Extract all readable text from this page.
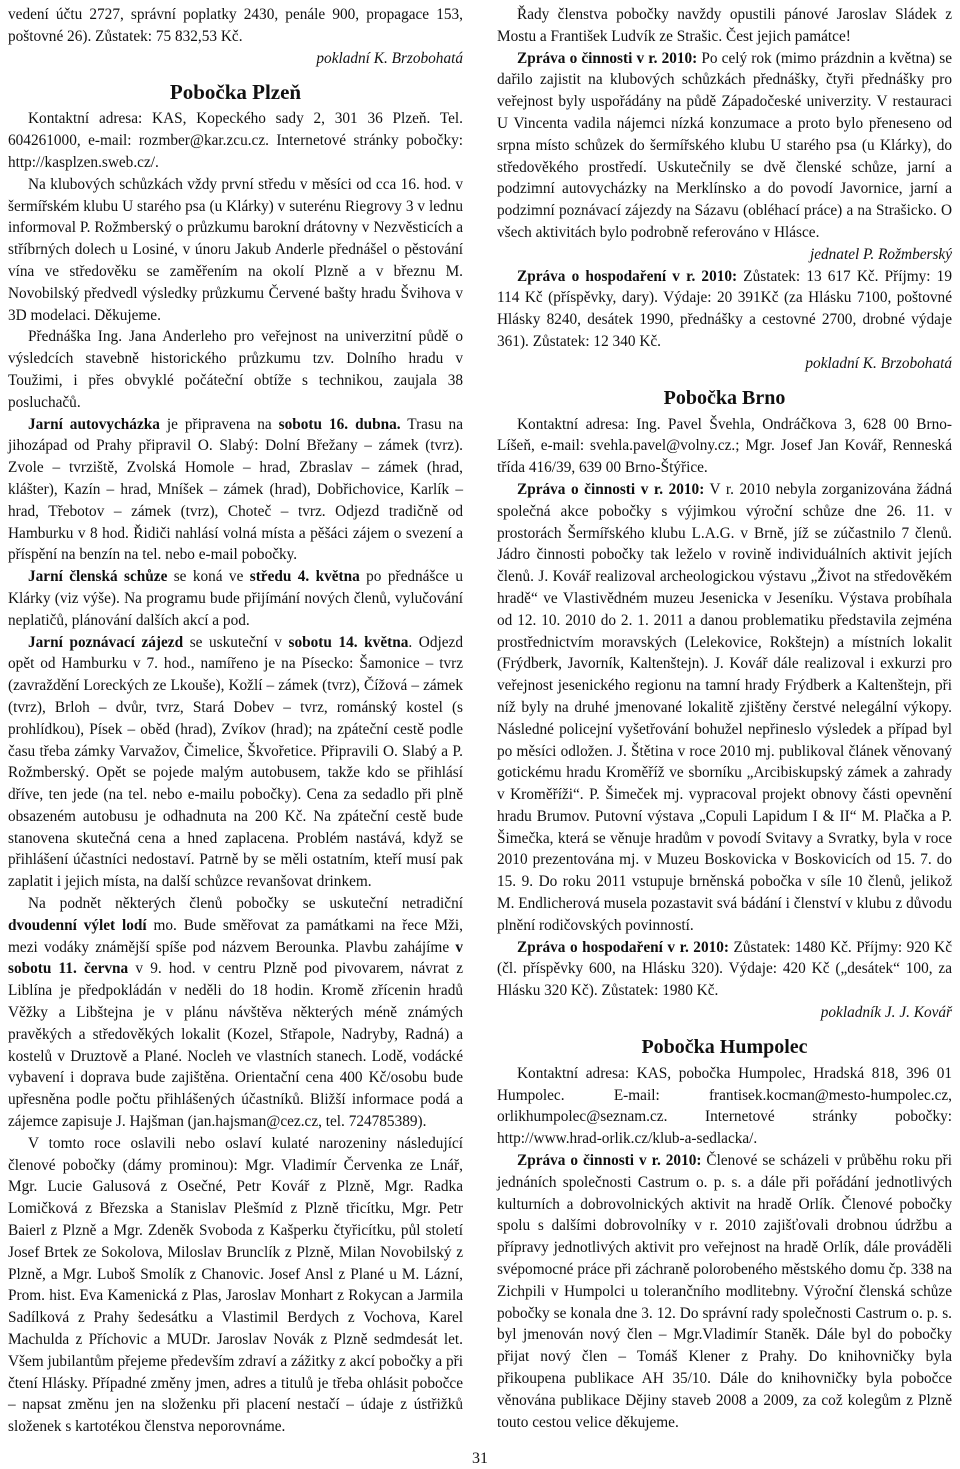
vedení účtu 2727, správní poplatky 2430, penále 900, propagace 153, poštovné 26). Zůstatek: 75 832,53 Kč.

pokladní K. Brzobohatá

Pobočka Plzeň

Kontaktní adresa: KAS, Kopeckého sady 2, 301 36 Plzeň. Tel. 604261000, e-mail: rozmber@kar.zcu.cz. Internetové stránky pobočky: http://kasplzen.sweb.cz/.

Na klubových schůzkách vždy první středu v měsíci od cca 16. hod. v šermířském klubu U starého psa (u Klárky) v suterénu Riegrovy 3 v lednu informoval P. Rožmberský o průzkumu barokní drátovny v Nezvěsticích a stříbrných dolech u Losiné, v únoru Jakub Anderle přednášel o pěstování vína ve středověku se zaměřením na okolí Plzně a v březnu M. Novobilský předvedl výsledky průzkumu Červené bašty hradu Švihova v 3D modelaci. Děkujeme.

Přednáška Ing. Jana Anderleho pro veřejnost na univerzitní půdě o výsledcích stavebně historického průzkumu tzv. Dolního hradu v Toužimi, i přes obvyklé počáteční obtíže s technikou, zaujala 38 posluchačů.

Jarní autovycházka je připravena na sobotu 16. dubna. Trasu na jihozápad od Prahy připravil O. Slabý: Dolní Břežany – zámek (tvrz). Zvole – tvrziště, Zvolská Homole – hrad, Zbraslav – zámek (hrad, klášter), Kazín – hrad, Mníšek – zámek (hrad), Dobřichovice, Karlík – hrad, Třebotov – zámek (tvrz), Choteč – tvrz. Odjezd tradičně od Hamburku v 8 hod. Řidiči nahlásí volná místa a pěšáci zájem o svezení a příspění na benzín na tel. nebo e-mail pobočky.

Jarní členská schůze se koná ve středu 4. května po přednášce u Klárky (viz výše). Na programu bude přijímání nových členů, vylučování neplatičů, plánování dalších akcí a pod.

Jarní poznávací zájezd se uskuteční v sobotu 14. května. Odjezd opět od Hamburku v 7. hod., namířeno je na Písecko: Šamonice – tvrz (zavraždění Loreckých ze Lkouše), Kožlí – zámek (tvrz), Čížová – zámek (tvrz), Brloh – dvůr, tvrz, Stará Dobev – tvrz, románský kostel (s prohlídkou), Písek – oběd (hrad), Zvíkov (hrad); na zpáteční cestě podle času třeba zámky Varvažov, Čimelice, Škvořetice. Připravili O. Slabý a P. Rožmberský. Opět se pojede malým autobusem, takže kdo se přihlásí dříve, ten jede (na tel. nebo e-mailu pobočky). Cena za sedadlo při plně obsazeném autobusu je odhadnuta na 200 Kč. Na zpáteční cestě bude stanovena skutečná cena a hned zaplacena. Problém nastává, když se přihlášení účastníci nedostaví. Patrně by se měli ostatním, kteří musí pak zaplatit i jejich místa, na další schůzce revanšovat drinkem.

Na podnět některých členů pobočky se uskuteční netradiční dvoudenní výlet lodí mo. Bude směřovat za památkami na řece Mži, mezi vodáky známější spíše pod názvem Berounka. Plavbu zahájíme v sobotu 11. června v 9. hod. v centru Plzně pod pivovarem, návrat z Liblína je předpokládán v neděli do 18 hodin. Kromě zřícenin hradů Věžky a Libštejna je v plánu návštěva některých méně známých pravěkých a středověkých lokalit (Kozel, Střapole, Nadryby, Radná) a kostelů v Druztově a Plané. Nocleh ve vlastních stanech. Lodě, vodácké vybavení i doprava bude zajištěna. Orientační cena 400 Kč/osobu bude upřesněna podle počtu přihlášených účastníků. Bližší informace podá a zájemce zapisuje J. Hajšman (jan.hajsman@cez.cz, tel. 724785389).

V tomto roce oslavili nebo oslaví kulaté narozeniny následující členové pobočky (dámy prominou): Mgr. Vladimír Červenka ze Lnář, Mgr. Lucie Galusová z Osečné, Petr Kovář z Plzně, Mgr. Radka Lomičková z Březska a Stanislav Plešmíd z Plzně třicítku, Mgr. Petr Baierl z Plzně a Mgr. Zdeněk Svoboda z Kašperku čtyřicítku, půl století Josef Brtek ze Sokolova, Miloslav Brunclík z Plzně, Milan Novobilský z Plzně, a Mgr. Luboš Smolík z Chanovic. Josef Ansl z Plané u M. Lázní, Prom. hist. Eva Kamenická z Plas, Jaroslav Monhart z Rokycan a Jarmila Sadílková z Prahy šedesátku a Vlastimil Berdych z Vochova, Karel Machulda z Příchovic a MUDr. Jaroslav Novák z Plzně sedmdesát let. Všem jubilantům přejeme především zdraví a zážitky z akcí pobočky a při čtení Hlásky. Případné změny jmen, adres a titulů je třeba ohlásit pobočce – napsat změnu jen na složenku při placení nestačí – údaje z ústřižků složenek s kartotékou členstva neporovnáme.

Řady členstva pobočky navždy opustili pánové Jaroslav Sládek z Mostu a František Ludvík ze Strašic. Čest jejich památce!

Zpráva o činnosti v r. 2010: Po celý rok (mimo prázdnin a května) se dařilo zajistit na klubových schůzkách přednášky, čtyři přednášky pro veřejnost byly uspořádány na půdě Západočeské univerzity. V restauraci U Vincenta vadila nájemci nízká konzumace a proto bylo přeneseno od srpna místo schůzek do šermířského klubu U starého psa (u Klárky), do středověkého prostředí. Uskutečnily se dvě členské schůze, jarní a podzimní autovycházky na Merklínsko a do povodí Javornice, jarní a podzimní poznávací zájezdy na Sázavu (obléhací práce) a na Strašicko. O všech aktivitách bylo podrobně referováno v Hlásce.

jednatel P. Rožmberský

Zpráva o hospodaření v r. 2010: Zůstatek: 13 617 Kč. Příjmy: 19 114 Kč (příspěvky, dary). Výdaje: 20 391Kč (za Hlásku 7100, poštovné Hlásky 8240, desátek 1990, přednášky a cestovné 2700, drobné výdaje 361). Zůstatek: 12 340 Kč.

pokladní K. Brzobohatá

Pobočka Brno

Kontaktní adresa: Ing. Pavel Švehla, Ondráčkova 3, 628 00 Brno-Líšeň, e-mail: svehla.pavel@volny.cz.; Mgr. Josef Jan Kovář, Renneská třída 416/39, 639 00 Brno-Štýřice.

Zpráva o činnosti v r. 2010: V r. 2010 nebyla zorganizována žádná společná akce pobočky s výjimkou výroční schůze dne 26. 11. v prostorách Šermířského klubu L.A.G. v Brně, jíž se zúčastnilo 7 členů. Jádro činnosti pobočky tak leželo v rovině individuálních aktivit jejích členů. J. Kovář realizoval archeologickou výstavu „Život na středověkém hradě“ ve Vlastivědném muzeu Jesenicka v Jeseníku. Výstava probíhala od 12. 10. 2010 do 2. 1. 2011 a danou problematiku představila zejména prostřednictvím moravských (Lelekovice, Rokštejn) a místních lokalit (Frýdberk, Javorník, Kaltenštejn). J. Kovář dále realizoval i exkurzi pro veřejnost jesenického regionu na tamní hrady Frýdberk a Kaltenštejn, při níž byly na druhé jmenované lokalitě zjištěny čerstvé nelegální výkopy. Následné policejní vyšetřování bohužel nepřineslo výsledek a případ byl po měsíci odložen. J. Štětina v roce 2010 mj. publikoval článek věnovaný gotickému hradu Kroměříž ve sborníku „Arcibiskupský zámek a zahrady v Kroměříži“. P. Šimeček mj. vypracoval projekt obnovy části opevnění hradu Brumov. Putovní výstava „Copuli Lapidum I & II“ M. Plačka a P. Šimečka, která se věnuje hradům v povodí Svitavy a Svratky, byla v roce 2010 prezentována mj. v Muzeu Boskovicka v Boskovicích od 15. 7. do 15. 9. Do roku 2011 vstupuje brněnská pobočka v síle 10 členů, jelikož M. Endlicherová musela pozastavit svá bádání i členství v klubu z důvodu plnění rodičovských povinností.

Zpráva o hospodaření v r. 2010: Zůstatek: 1480 Kč. Příjmy: 920 Kč (čl. příspěvky 600, na Hlásku 320). Výdaje: 420 Kč („desátek“ 100, za Hlásku 320 Kč). Zůstatek: 1980 Kč.

pokladník J. J. Kovář

Pobočka Humpolec

Kontaktní adresa: KAS, pobočka Humpolec, Hradská 818, 396 01 Humpolec. E-mail: frantisek.kocman@mesto-humpolec.cz, orlikhumpolec@seznam.cz. Internetové stránky pobočky: http://www.hrad-orlik.cz/klub-a-sedlacka/.

Zpráva o činnosti v r. 2010: Členové se scházeli v průběhu roku při jednáních společnosti Castrum o. p. s. a dále při pořádání jednotlivých kulturních a dobrovolnických aktivit na hradě Orlík. Členové pobočky spolu s dalšími dobrovolníky v r. 2010 zajišťovali drobnou údržbu a přípravy jednotlivých aktivit pro veřejnost na hradě Orlík, dále prováděli svépomocné práce při záchraně polorobeného městského domu čp. 338 na Zichpili v Humpolci u tolerančního modlitebny. Výroční členská schůze pobočky se konala dne 3. 12. Do správní rady společnosti Castrum o. p. s. byl jmenován nový člen – Mgr.Vladimír Staněk. Dále byl do pobočky přijat nový člen – Tomáš Klener z Prahy. Do knihovničky byla přikoupena publikace AH 35/10. Dále do knihovničky byla pobočce věnována publikace Dějiny staveb 2008 a 2009, za což kolegům z Plzně touto cestou velice děkujeme.

31
